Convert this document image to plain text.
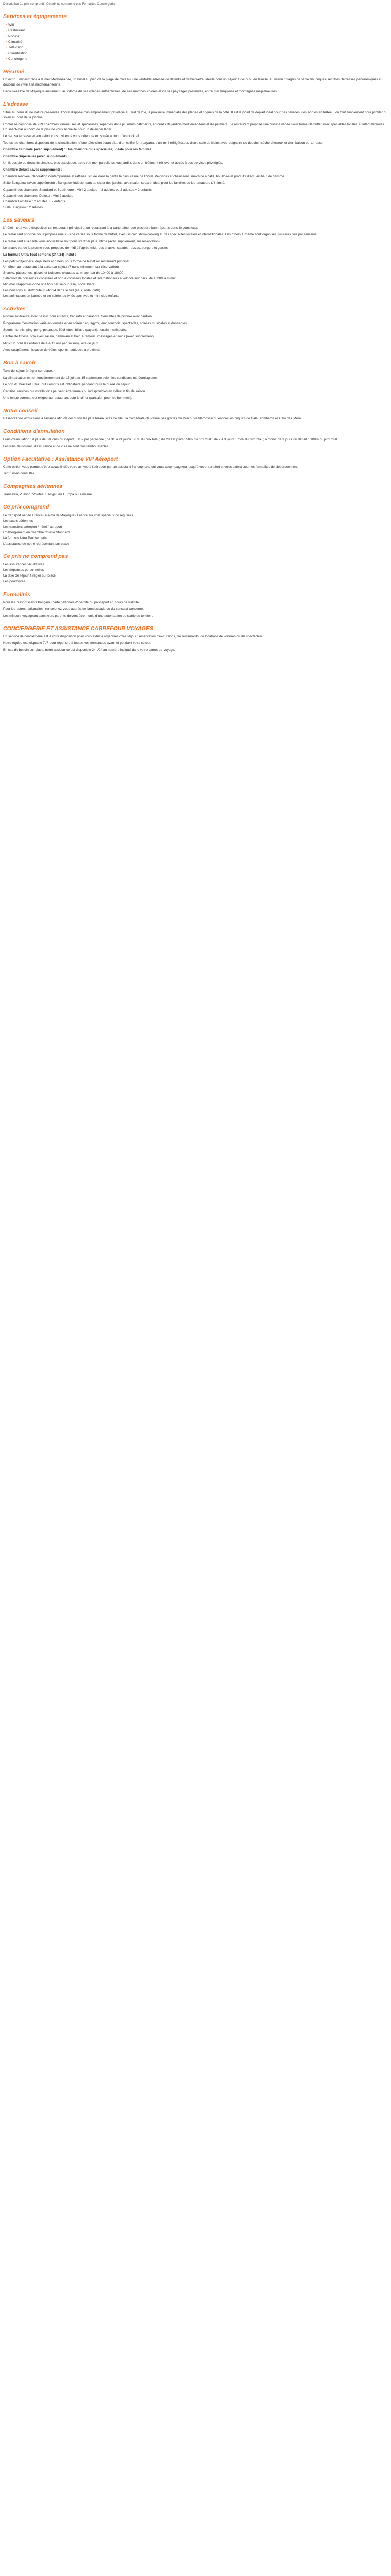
Description Ce prix comprend : Ce prix ne comprend pas Formalités Conciergerie
Services et équipements
• Wifi
• Restaurant
• Piscine
• Climatisé
• Télévision
• Climatisation
• Conciergerie
Résumé

Un écrin lumineux face à la mer Méditerranée, un hôtel au pied de la plage de Cala Pi, une véritable adresse de détente et de bien-être, idéale pour un séjour à deux ou en famille. Au menu : plages de sable fin, criques secrètes, terrasses panoramiques et douceur de vivre à la méditerranéenne.

Découvrez l'île de Majorque autrement, au rythme de ses villages authentiques, de ses marchés colorés et de ses paysages préservés, entre mer turquoise et montagnes majestueuses.

L'adresse

Situé au cœur d'une nature préservée, l'hôtel dispose d'un emplacement privilégié au sud de l'île, à proximité immédiate des plages et criques de la côte. Il est le point de départ idéal pour des balades, des sorties en bateau, ou tout simplement pour profiter du soleil au bord de la piscine.

L'hôtel se compose de 229 chambres lumineuses et spacieuses, réparties dans plusieurs bâtiments, entourés de jardins méditerranéens et de palmiers. Le restaurant propose une cuisine variée sous forme de buffet avec spécialités locales et internationales. Un snack-bar au bord de la piscine vous accueille pour un déjeuner léger.

Le bar, sa terrasse et son salon vous invitent à vous détendre en soirée autour d'un cocktail.

Toutes les chambres disposent de la climatisation, d'une télévision écran plat, d'un coffre-fort (payant), d'un mini-réfrigérateur, d'une salle de bains avec baignoire ou douche, sèche-cheveux et d'un balcon ou terrasse.

Chambre Familiale (avec supplément) : Une chambre plus spacieuse, idéale pour les familles.

Chambre Supérieure (avec supplément) :

Un lit double ou deux lits simples, plus spacieuse, avec vue mer partielle ou vue jardin, dans un bâtiment rénové, et accès à des services privilégiés.

Chambre Deluxe (avec supplément) :

Chambre rénovée, décoration contemporaine et raffinée, située dans la partie la plus calme de l'hôtel. Peignoirs et chaussons, machine à café, bouilloire et produits d'accueil haut de gamme.

Suite Bungalow (avec supplément) : Bungalow indépendant au cœur des jardins, avec salon séparé, idéal pour les familles ou les amateurs d'intimité.

Capacité des chambres Standard et Supérieure : Mini 2 adultes – 3 adultes ou 2 adultes + 2 enfants

Capacité des chambres Deluxe : Mini 2 adultes

Chambre Familiale : 2 adultes + 2 enfants

Suite Bungalow : 2 adultes

Les saveurs

L'hôtel met à votre disposition un restaurant principal et un restaurant à la carte, ainsi que plusieurs bars répartis dans le complexe.

Le restaurant principal vous propose une cuisine variée sous forme de buffet, avec un coin show-cooking et des spécialités locales et internationales. Les dîners à thème sont organisés plusieurs fois par semaine.

Le restaurant à la carte vous accueille le soir pour un dîner plus intime (avec supplément, sur réservation).

Le snack-bar de la piscine vous propose, de midi à l'après-midi, des snacks, salades, pizzas, burgers et glaces.

La formule Ultra Tout compris (24h/24) inclut :

Les petits-déjeuners, déjeuners et dîners sous forme de buffet au restaurant principal

Un dîner au restaurant à la carte par séjour (7 nuits minimum, sur réservation)

Snacks, pâtisseries, glaces et boissons chaudes au snack-bar de 10h00 à 18h00

Sélection de boissons alcoolisées et non alcoolisées locales et internationales à volonté aux bars, de 10h00 à minuit

Mini-bar réapprovisionné une fois par séjour (eau, soda, bière)

Les boissons au distributeur 24h/24 dans le hall (eau, soda, café)

Les animations en journée et en soirée, activités sportives et mini-club enfants

Activités

Piscine extérieure avec bassin pour enfants, transats et parasols. Serviettes de piscine avec caution.

Programme d'animation varié en journée et en soirée : aquagym, jeux, tournois, spectacles, soirées musicales et dansantes.

Sports : tennis, ping-pong, pétanque, fléchettes, billard (payant), terrain multisports.

Centre de fitness, spa avec sauna, hammam et bain à remous, massages et soins (avec supplément).

Miniclub pour les enfants de 4 à 12 ans (en saison), aire de jeux.

Avec supplément : location de vélos, sports nautiques à proximité.

Bon à savoir

Taxe de séjour à régler sur place.

La climatisation est en fonctionnement du 15 juin au 15 septembre selon les conditions météorologiques.

Le port du bracelet Ultra Tout compris est obligatoire pendant toute la durée du séjour.

Certains services ou installations peuvent être fermés ou indisponibles en début et fin de saison.

Une tenue correcte est exigée au restaurant pour le dîner (pantalon pour les hommes).

Notre conseil

Réservez vos excursions à l'avance afin de découvrir les plus beaux sites de l'île : la cathédrale de Palma, les grottes du Drach, Valldemossa ou encore les criques de Cala Llombards et Caló des Moro.

Conditions d'annulation

Frais d'annulation : à plus de 30 jours du départ : 50 € par personne ; de 30 à 21 jours : 25% du prix total ; de 20 à 8 jours : 50% du prix total ; de 7 à 3 jours : 75% du prix total ; à moins de 3 jours du départ : 100% du prix total.

Les frais de dossier, d'assurance et de visa ne sont pas remboursables.

Option Facultative : Assistance VIP Aéroport

Cette option vous permet d'être accueilli dès votre arrivée à l'aéroport par un assistant francophone qui vous accompagnera jusqu'à votre transfert et vous aidera pour les formalités de débarquement.

Tarif : nous consulter.

Compagnies aériennes

Transavia, Vueling, Volotea, Easyjet, Air Europa ou similaire.

Ce prix comprend

Le transport aérien France / Palma de Majorque / France sur vols spéciaux ou réguliers

Les taxes aériennes

Les transferts aéroport / hôtel / aéroport

L'hébergement en chambre double Standard

La formule Ultra Tout compris

L'assistance de notre représentant sur place

Ce prix ne comprend pas

Les assurances facultatives

Les dépenses personnelles

La taxe de séjour à régler sur place

Les pourboires

Formalités

Pour les ressortissants français : carte nationale d'identité ou passeport en cours de validité.

Pour les autres nationalités, renseignez-vous auprès de l'ambassade ou du consulat concerné.

Les mineurs voyageant sans leurs parents doivent être munis d'une autorisation de sortie du territoire.

CONCIERGERIE ET ASSISTANCE CARREFOUR VOYAGES

Un service de conciergerie est à votre disposition pour vous aider à organiser votre séjour : réservation d'excursions, de restaurants, de locations de voitures ou de spectacles.

Notre équipe est joignable 7j/7 pour répondre à toutes vos demandes avant et pendant votre séjour.

En cas de besoin sur place, notre assistance est disponible 24h/24 au numéro indiqué dans votre carnet de voyage.
